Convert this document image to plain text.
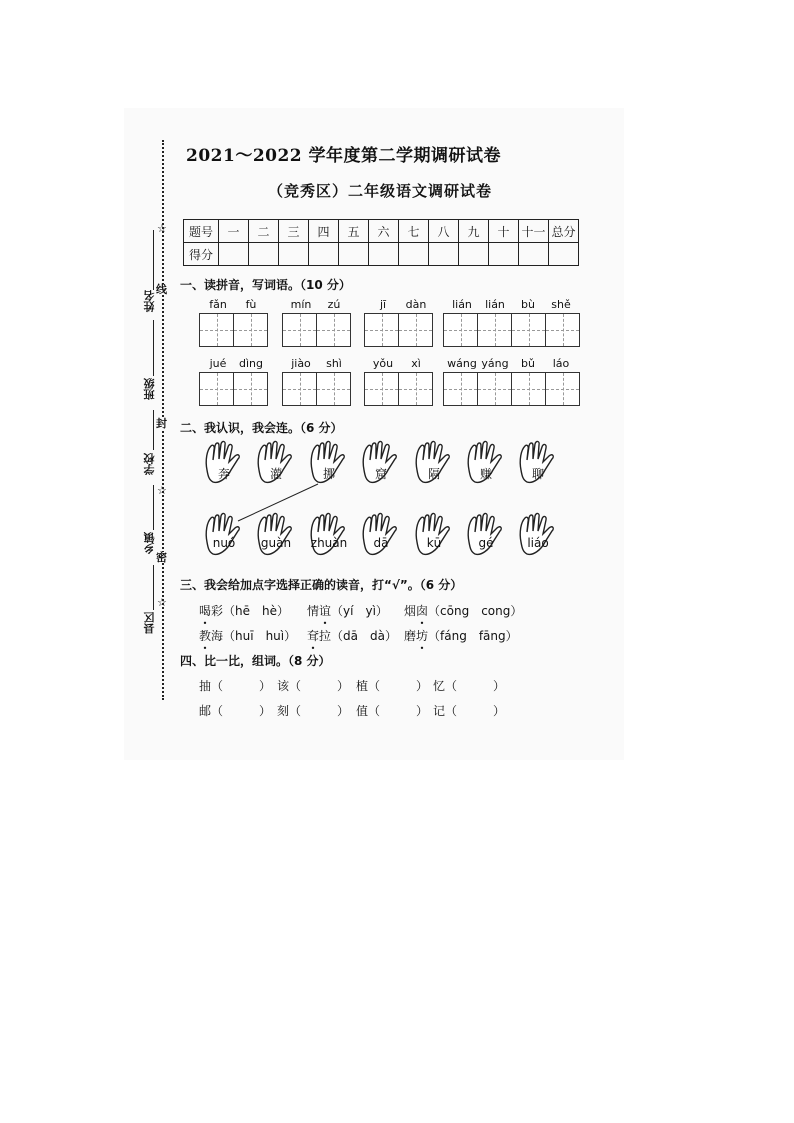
姓名
班级
学校
乡镇
县区
☆
☆
☆
线
封
密
2021～2022 学年度第二学期调研试卷
（竞秀区）二年级语文调研试卷
题号	一	二	三	四	五	六	七	八	九	十	十一	总分
得分												
一、读拼音，写词语。（10 分）
二、我认识，我会连。（6 分）
三、我会给加点字选择正确的读音，打“√”。（6 分）
四、比一比，组词。（8 分）
fǎn	fù	mín	zú	jī	dàn	lián	lián	bù	shě
jué	dìng	jiào	shì	yǒu	xì	wáng yáng	bǔ	láo
奔	灌	挪	窟	隔	赚	聊
nuó	guàn	zhuàn	dā	kū	gé	liáo
喝彩（hē　hè） 情谊（yí　yì） 烟囱（cōng　cong）
教海（huī　huì） 耷拉（dā　dà） 磨坊（fáng　fāng）
抽（　　　） 该（　　　） 植（　　　） 忆（　　　）
邮（　　　） 刻（　　　） 值（　　　） 记（　　　）
